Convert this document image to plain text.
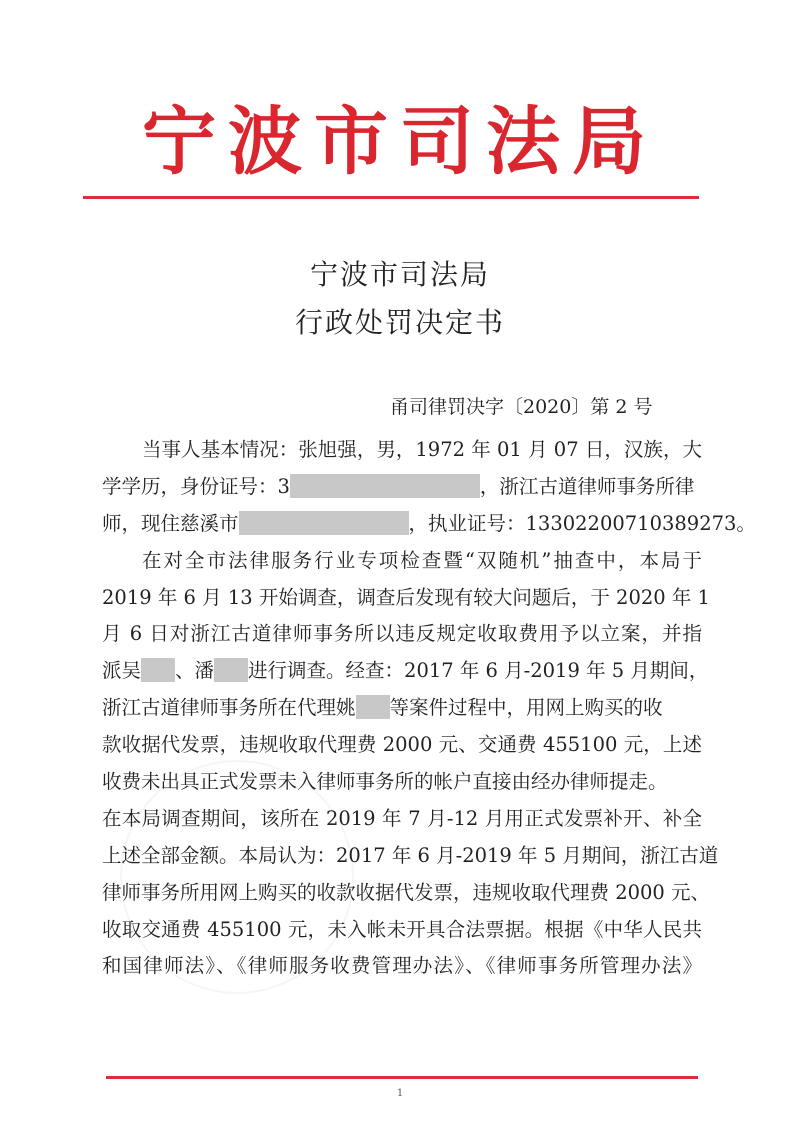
宁波市司法局
宁波市司法局
行政处罚决定书
甬司律罚决字〔2020〕第 2 号
当事人基本情况：张旭强，男，1972 年 01 月 07 日，汉族，大
学学历，身份证号：3	，浙江古道律师事务所律
师，现住慈溪市	，执业证号：13302200710389273。
在对全市法律服务行业专项检查暨“双随机”抽查中，本局于
2019 年 6 月 13 开始调查，调查后发现有较大问题后，于 2020 年 1
月 6 日对浙江古道律师事务所以违反规定收取费用予以立案，并指
派吴 、潘 进行调查。经查：2017 年 6 月-2019 年 5 月期间，
浙江古道律师事务所在代理姚 等案件过程中，用网上购买的收
款收据代发票，违规收取代理费 2000 元、交通费 455100 元，上述
收费未出具正式发票未入律师事务所的帐户直接由经办律师提走。
在本局调查期间，该所在 2019 年 7 月-12 月用正式发票补开、补全
上述全部金额。本局认为：2017 年 6 月-2019 年 5 月期间，浙江古道
律师事务所用网上购买的收款收据代发票，违规收取代理费 2000 元、
收取交通费 455100 元，未入帐未开具合法票据。根据《中华人民共
和国律师法》、《律师服务收费管理办法》、《律师事务所管理办法》
1
